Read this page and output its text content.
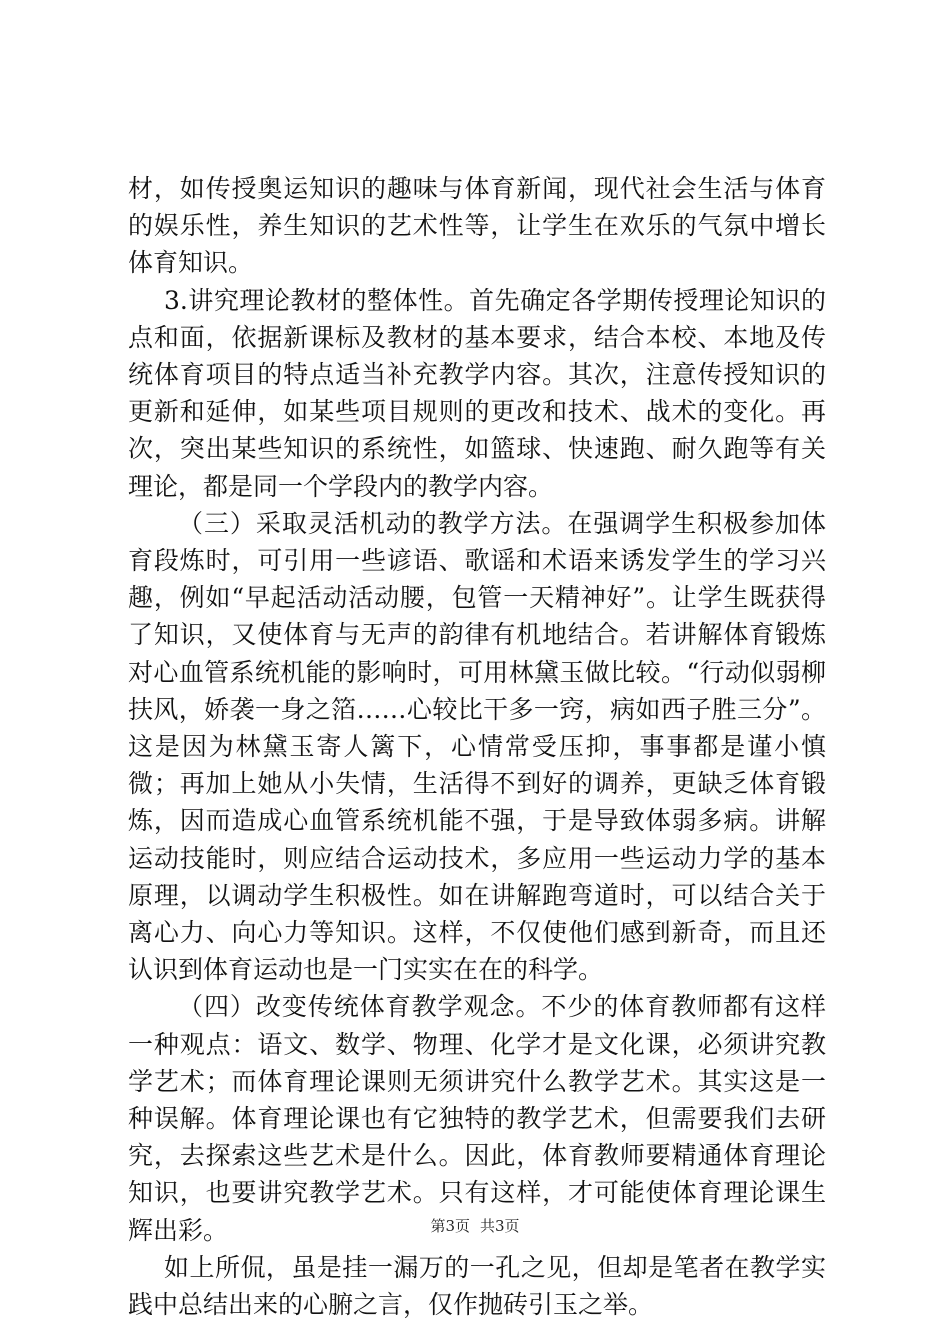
材，如传授奥运知识的趣味与体育新闻，现代社会生活与体育的娱乐性，养生知识的艺术性等，让学生在欢乐的气氛中增长体育知识。

3.讲究理论教材的整体性。首先确定各学期传授理论知识的点和面，依据新课标及教材的基本要求，结合本校、本地及传统体育项目的特点适当补充教学内容。其次，注意传授知识的更新和延伸，如某些项目规则的更改和技术、战术的变化。再次，突出某些知识的系统性，如篮球、快速跑、耐久跑等有关理论，都是同一个学段内的教学内容。

（三）采取灵活机动的教学方法。在强调学生积极参加体育段炼时，可引用一些谚语、歌谣和术语来诱发学生的学习兴趣，例如“早起活动活动腰，包管一天精神好”。让学生既获得了知识，又使体育与无声的韵律有机地结合。若讲解体育锻炼对心血管系统机能的影响时，可用林黛玉做比较。“行动似弱柳扶风，娇袭一身之箔……心较比干多一窍，病如西子胜三分”。这是因为林黛玉寄人篱下，心情常受压抑，事事都是谨小慎微；再加上她从小失情，生活得不到好的调养，更缺乏体育锻炼，因而造成心血管系统机能不强，于是导致体弱多病。讲解运动技能时，则应结合运动技术，多应用一些运动力学的基本原理，以调动学生积极性。如在讲解跑弯道时，可以结合关于离心力、向心力等知识。这样，不仅使他们感到新奇，而且还认识到体育运动也是一门实实在在的科学。

（四）改变传统体育教学观念。不少的体育教师都有这样一种观点：语文、数学、物理、化学才是文化课，必须讲究教学艺术；而体育理论课则无须讲究什么教学艺术。其实这是一种误解。体育理论课也有它独特的教学艺术，但需要我们去研究，去探索这些艺术是什么。因此，体育教师要精通体育理论知识，也要讲究教学艺术。只有这样，才可能使体育理论课生辉出彩。

如上所侃，虽是挂一漏万的一孔之见，但却是笔者在教学实践中总结出来的心腑之言，仅作抛砖引玉之举。

第3页 共3页
